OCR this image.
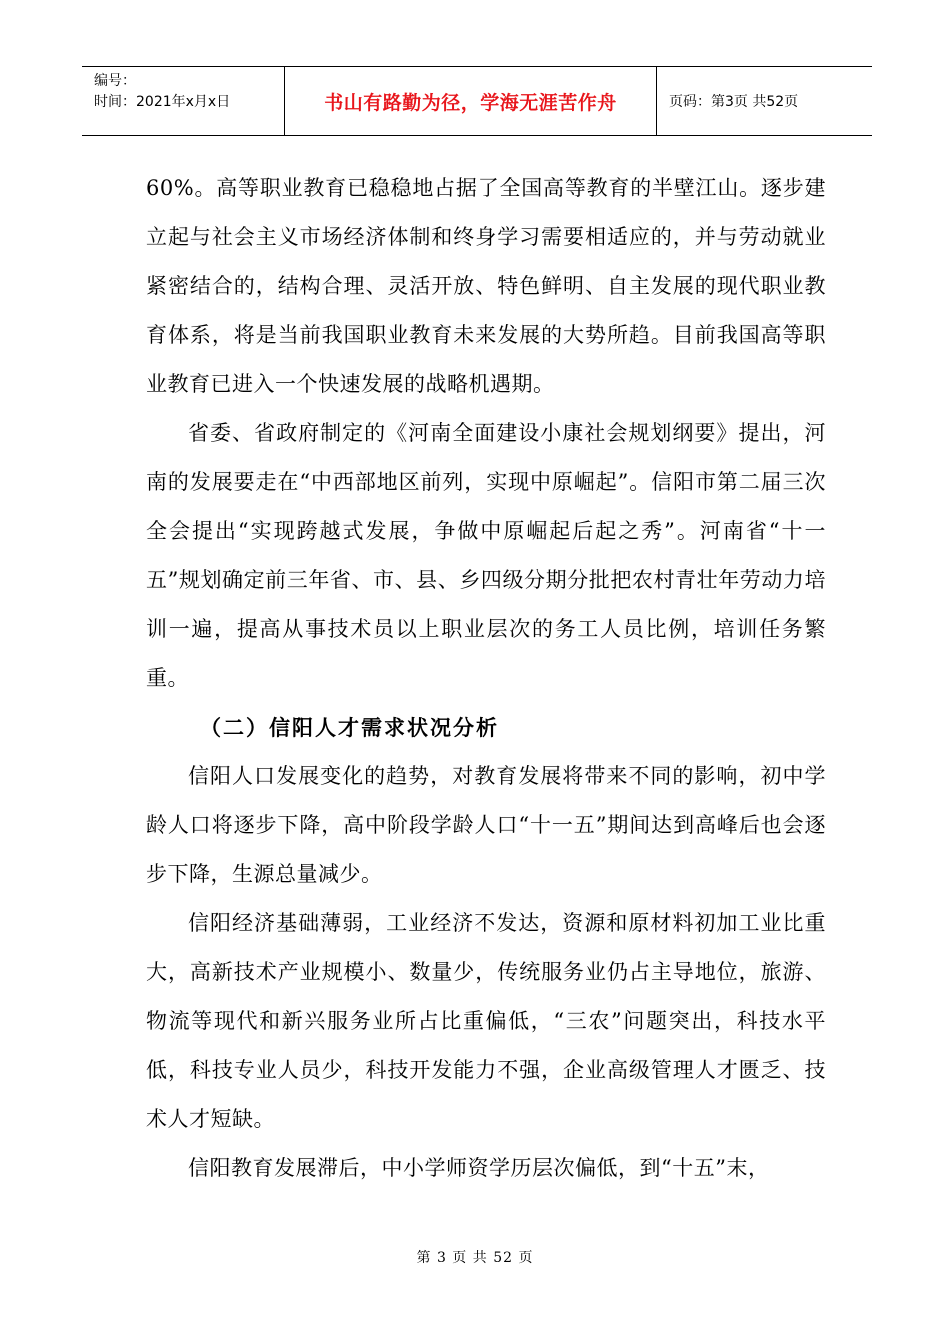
编号：
时间：2021年x月x日	书山有路勤为径，学海无涯苦作舟	页码：第3页 共52页

60%。高等职业教育已稳稳地占据了全国高等教育的半壁江山。逐步建立起与社会主义市场经济体制和终身学习需要相适应的，并与劳动就业紧密结合的，结构合理、灵活开放、特色鲜明、自主发展的现代职业教育体系，将是当前我国职业教育未来发展的大势所趋。目前我国高等职业教育已进入一个快速发展的战略机遇期。

省委、省政府制定的《河南全面建设小康社会规划纲要》提出，河南的发展要走在“中西部地区前列，实现中原崛起”。信阳市第二届三次全会提出“实现跨越式发展，争做中原崛起后起之秀”。河南省“十一五”规划确定前三年省、市、县、乡四级分期分批把农村青壮年劳动力培训一遍，提高从事技术员以上职业层次的务工人员比例，培训任务繁重。

（二）信阳人才需求状况分析

信阳人口发展变化的趋势，对教育发展将带来不同的影响，初中学龄人口将逐步下降，高中阶段学龄人口“十一五”期间达到高峰后也会逐步下降，生源总量减少。

信阳经济基础薄弱，工业经济不发达，资源和原材料初加工业比重大，高新技术产业规模小、数量少，传统服务业仍占主导地位，旅游、物流等现代和新兴服务业所占比重偏低，“三农”问题突出，科技水平低，科技专业人员少，科技开发能力不强，企业高级管理人才匮乏、技术人才短缺。

信阳教育发展滞后，中小学师资学历层次偏低，到“十五”末，

第 3 页 共 52 页
